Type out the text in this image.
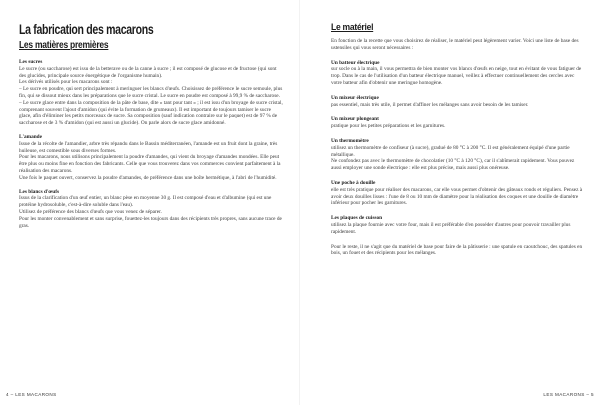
La fabrication des macarons
Les matières premières

Les sucres

Le sucre (ou saccharose) est issu de la betterave ou de la canne à sucre ; il est composé de glucose et de fructose (qui sont des glucides, principale source énergétique de l'organisme humain).

Les dérivés utilisés pour les macarons sont :

– Le sucre en poudre, qui sert principalement à meringuer les blancs d'œufs. Choisissez de préférence le sucre semoule, plus fin, qui se dissout mieux dans les préparations que le sucre cristal. Le sucre en poudre est composé à 99,9 % de saccharose.

– Le sucre glace entre dans la composition de la pâte de base, dite « tant pour tant » ; il est issu d'un broyage de sucre cristal, comprenant souvent l'ajout d'amidon (qui évite la formation de grumeaux). Il est important de toujours tamiser le sucre glace, afin d'éliminer les petits morceaux de sucre. Sa composition (sauf indication contraire sur le paquet) est de 97 % de saccharose et de 3 % d'amidon (qui est aussi un glucide). On parle alors de sucre glace amidonné.

L'amande

Issue de la récolte de l'amandier, arbre très répandu dans le Bassin méditerranéen, l'amande est un fruit dont la graine, très huileuse, est comestible sous diverses formes.

Pour les macarons, nous utilisons principalement la poudre d'amandes, qui vient du broyage d'amandes mondées. Elle peut être plus ou moins fine en fonction des fabricants. Celle que vous trouverez dans vos commerces convient parfaitement à la réalisation des macarons.

Une fois le paquet ouvert, conservez la poudre d'amandes, de préférence dans une boîte hermétique, à l'abri de l'humidité.

Les blancs d'œufs

Issus de la clarification d'un œuf entier, un blanc pèse en moyenne 30 g. Il est composé d'eau et d'albumine (qui est une protéine hydrosoluble, c'est-à-dire soluble dans l'eau).

Utilisez de préférence des blancs d'œufs que vous venez de séparer.

Pour les monter convenablement et sans surprise, fouettez-les toujours dans des récipients très propres, sans aucune trace de gras.

4 – LES MACARONS
Le matériel

En fonction de la recette que vous choisirez de réaliser, le matériel peut légèrement varier. Voici une liste de base des ustensiles qui vous seront nécessaires :

Un batteur électrique

sur socle ou à la main, il vous permettra de bien monter vos blancs d'œufs en neige, tout en évitant de vous fatiguer de trop. Dans le cas de l'utilisation d'un batteur électrique manuel, veillez à effectuer continuellement des cercles avec votre batteur afin d'obtenir une meringue homogène.

Un mixeur électrique

pas essentiel, mais très utile, il permet d'affiner les mélanges sans avoir besoin de les tamiser.

Un mixeur plongeant

pratique pour les petites préparations et les garnitures.

Un thermomètre

utilisez un thermomètre de confiseur (à sucre), gradué de 80 °C à 200 °C. Il est généralement équipé d'une partie métallique.

Ne confondez pas avec le thermomètre de chocolatier (10 °C à 120 °C), car il s'abîmerait rapidement. Vous pouvez aussi employer une sonde électrique : elle est plus précise, mais aussi plus onéreuse.

Une poche à douille

elle est très pratique pour réaliser des macarons, car elle vous permet d'obtenir des gâteaux ronds et réguliers. Pensez à avoir deux douilles lisses : l'une de 8 ou 10 mm de diamètre pour la réalisation des coques et une douille de diamètre inférieur pour pocher les garnitures.

Les plaques de cuisson

utilisez la plaque fournie avec votre four, mais il est préférable d'en posséder d'autres pour pouvoir travailler plus rapidement.

Pour le reste, il ne s'agit que du matériel de base pour faire de la pâtisserie : une spatule en caoutchouc, des spatules en bois, un fouet et des récipients pour les mélanges.

LES MACARONS – 5
